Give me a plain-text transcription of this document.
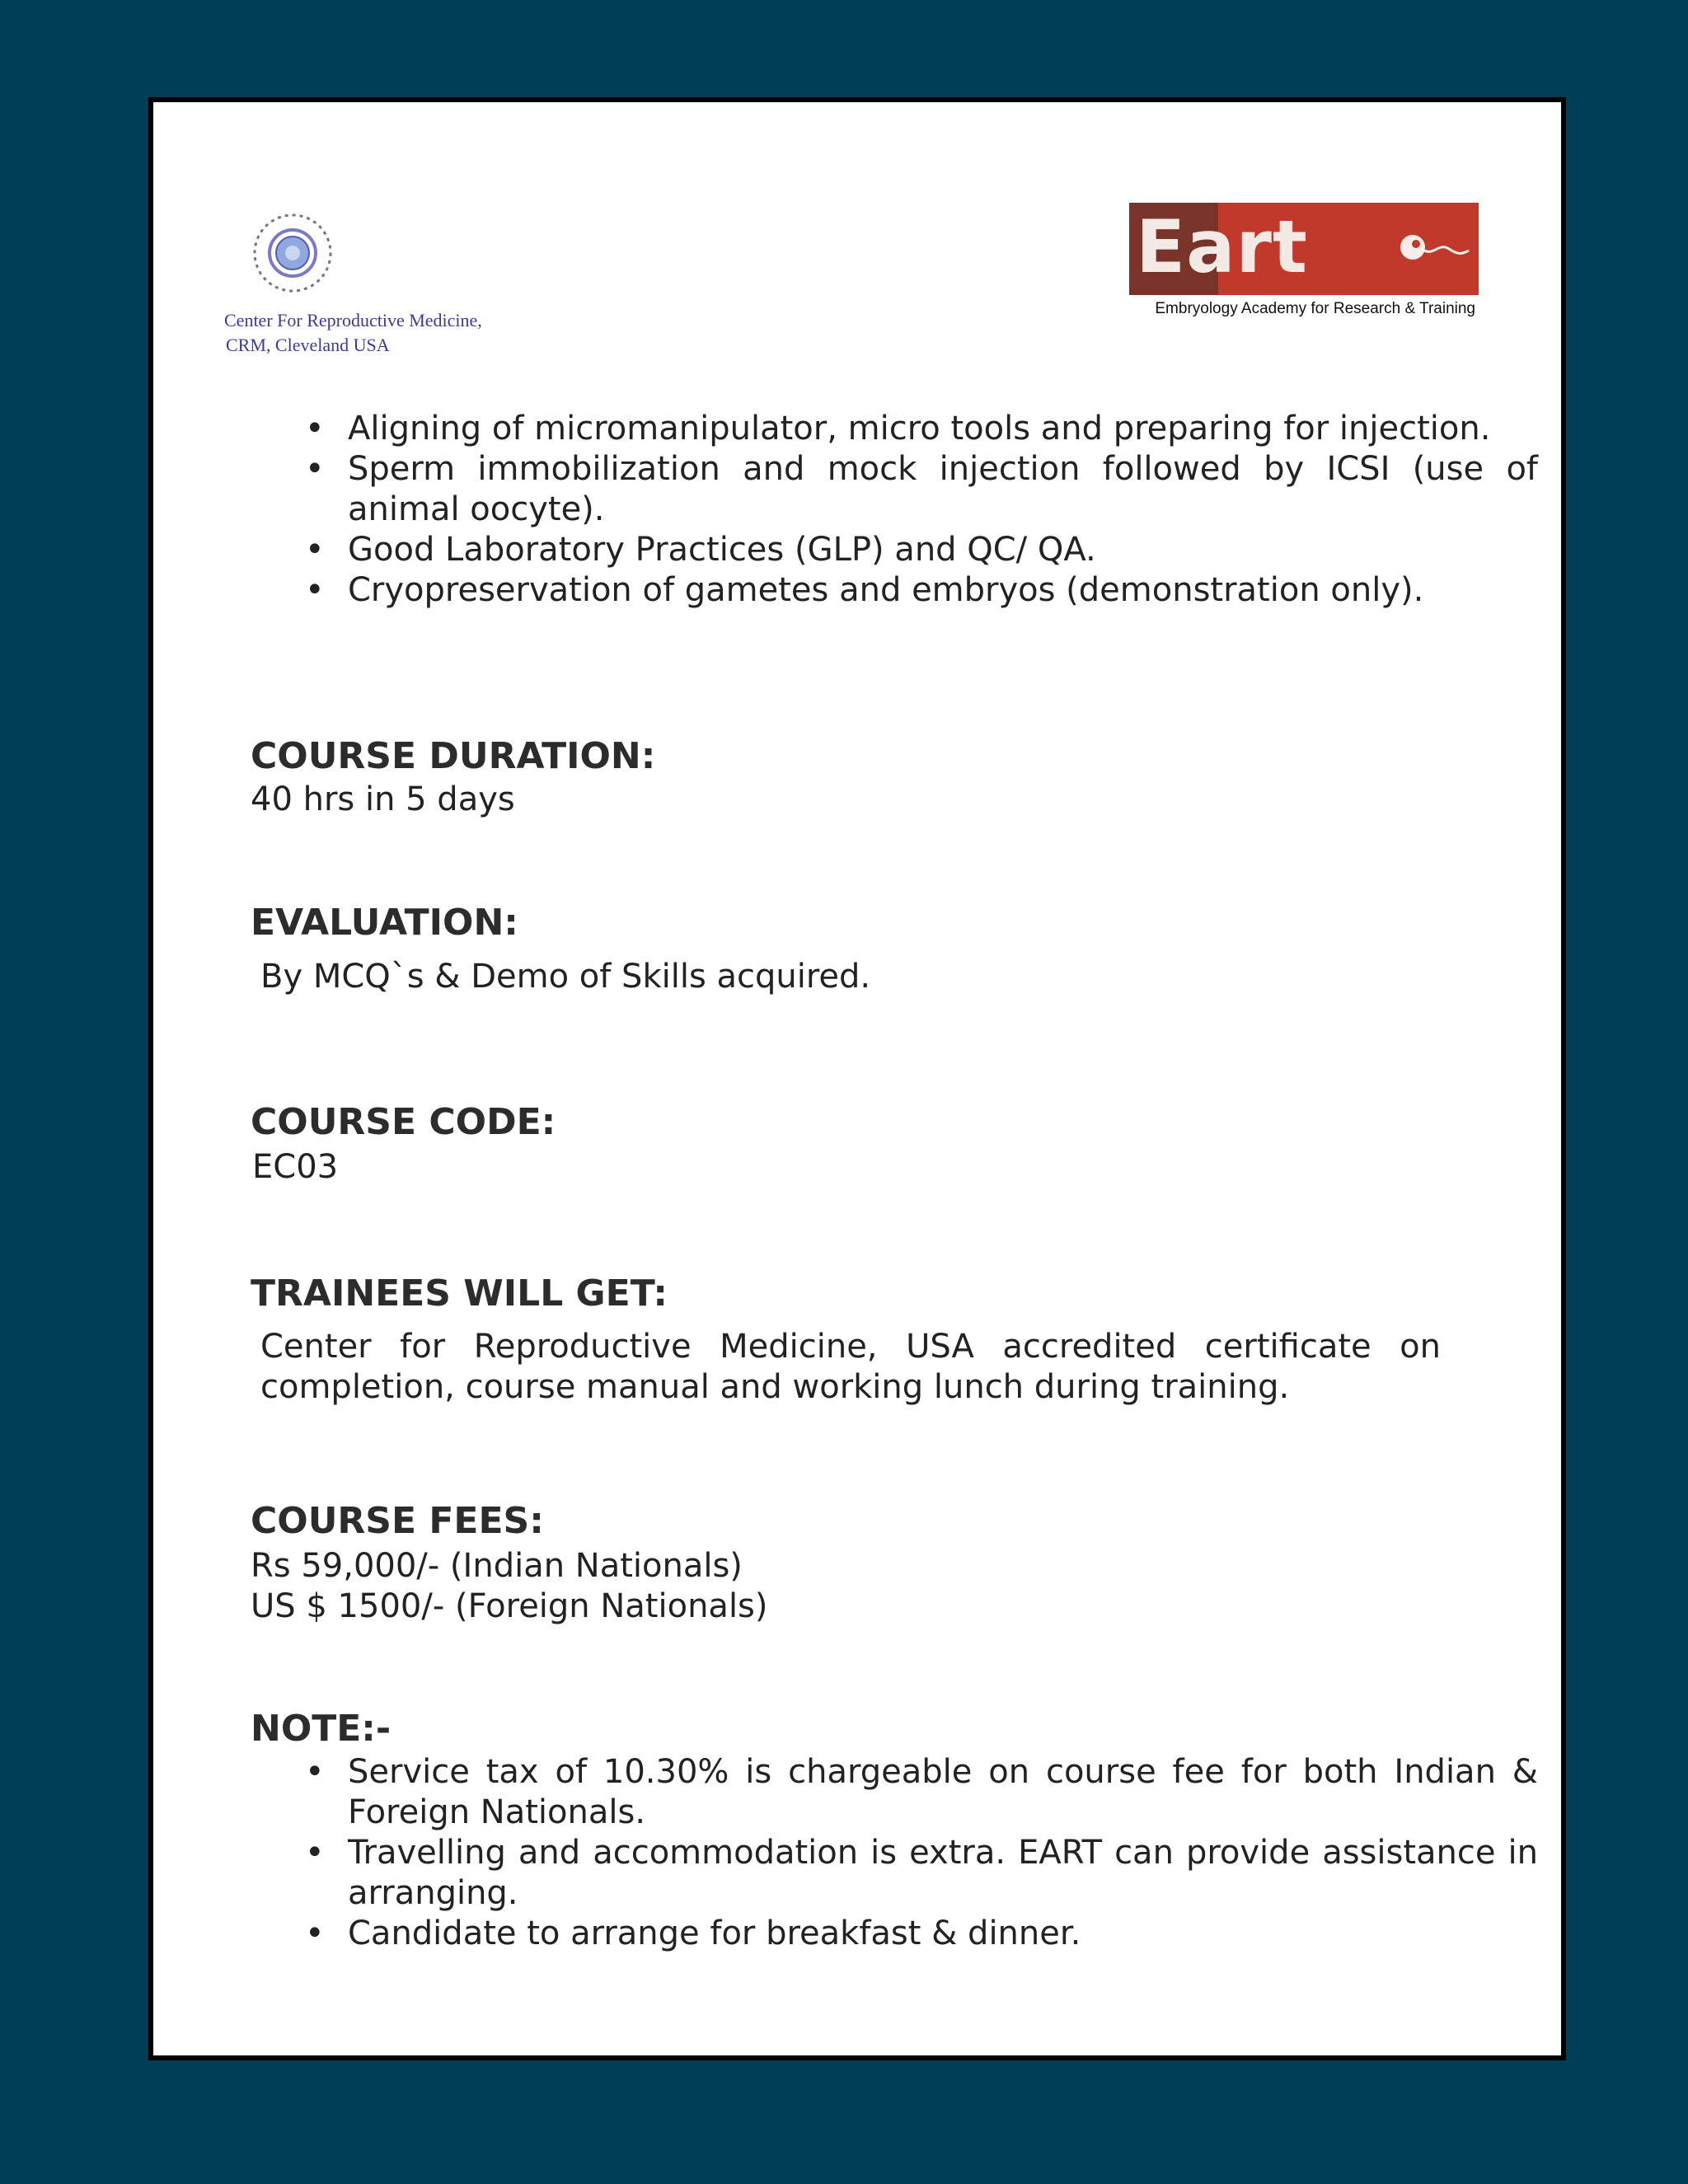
Center For Reproductive Medicine,
CRM, Cleveland USA
Eart
Embryology Academy for Research & Training
• Aligning of micromanipulator, micro tools and preparing for injection.
• Sperm immobilization and mock injection followed by ICSI (use of animal oocyte).
• Good Laboratory Practices (GLP) and QC/ QA.
• Cryopreservation of gametes and embryos (demonstration only).
COURSE DURATION:
40 hrs in 5 days
EVALUATION:
By MCQ`s & Demo of Skills acquired.
COURSE CODE:
EC03
TRAINEES WILL GET:
Center for Reproductive Medicine, USA accredited certificate on completion, course manual and working lunch during training.
COURSE FEES:
Rs 59,000/- (Indian Nationals)
US $ 1500/- (Foreign Nationals)
NOTE:-
• Service tax of 10.30% is chargeable on course fee for both Indian & Foreign Nationals.
• Travelling and accommodation is extra. EART can provide assistance in arranging.
• Candidate to arrange for breakfast & dinner.
